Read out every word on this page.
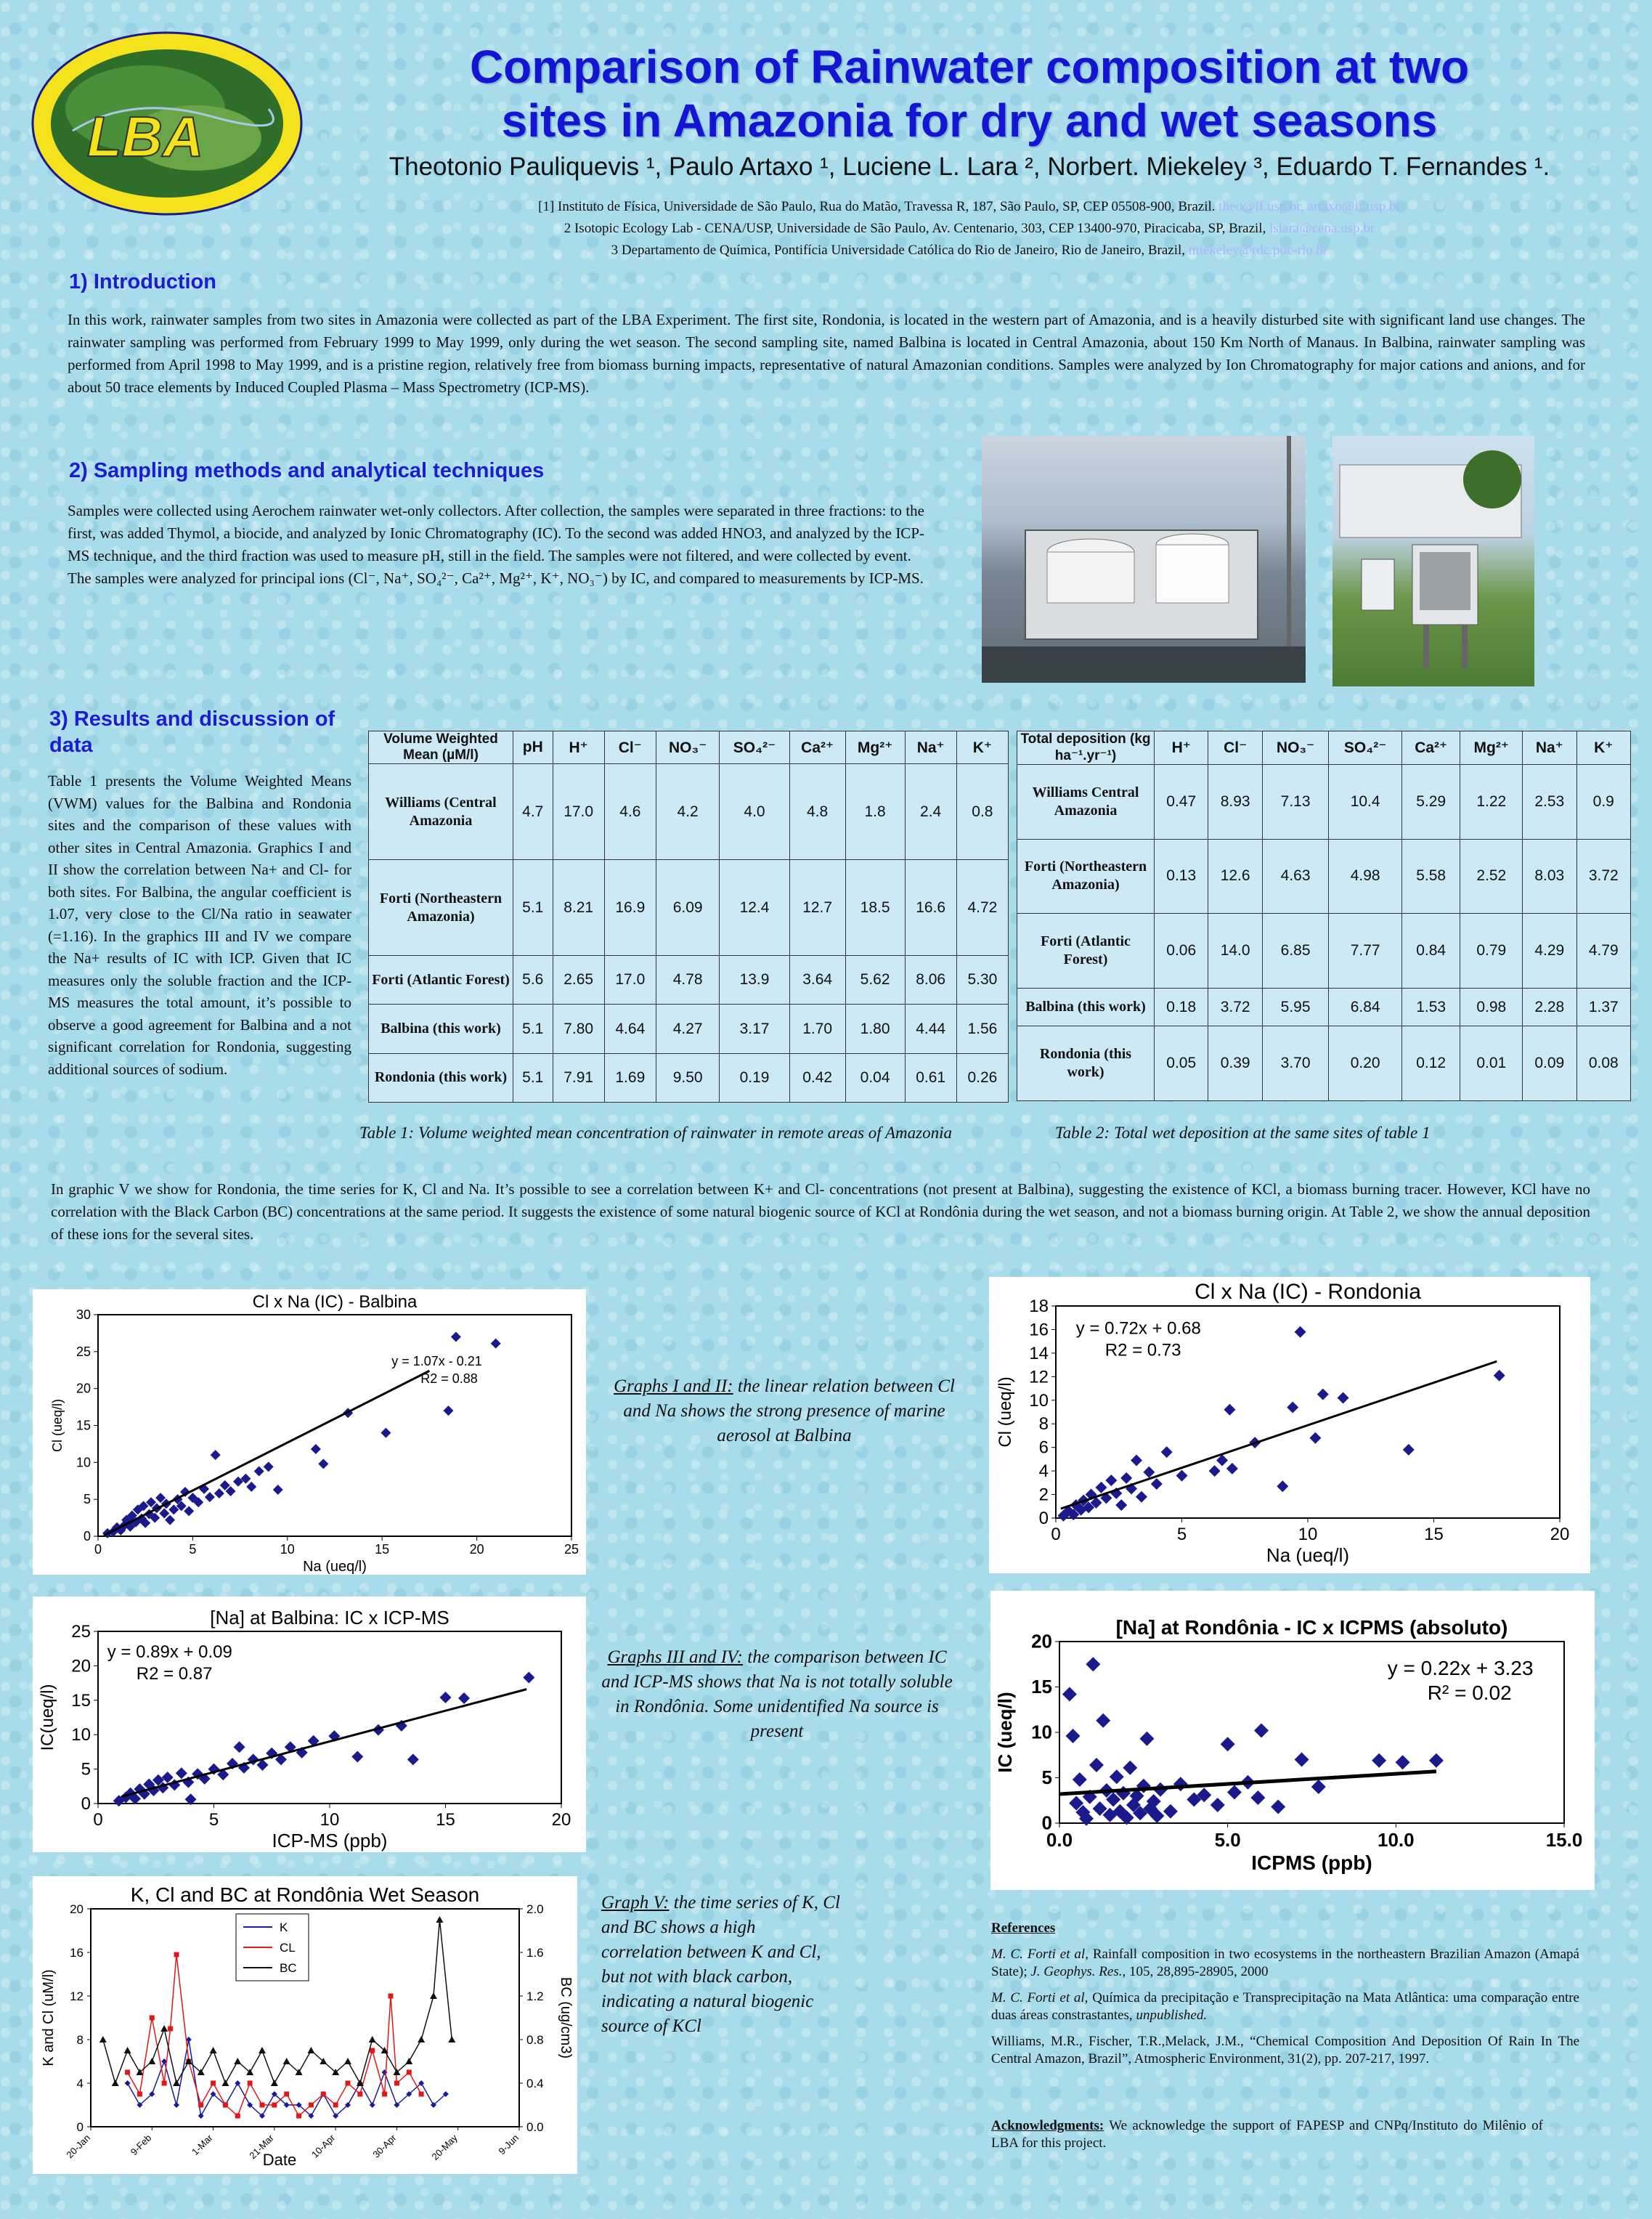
LBA
Comparison of Rainwater composition at two
sites in Amazonia for dry and wet seasons
Theotonio Pauliquevis ¹, Paulo Artaxo ¹, Luciene L. Lara ², Norbert. Miekeley ³, Eduardo T. Fernandes ¹.
[1] Instituto de Física, Universidade de São Paulo, Rua do Matão, Travessa R, 187, São Paulo, SP, CEP 05508-900, Brazil. theo@if.usp.br, artaxo@if.usp.br
2 Isotopic Ecology Lab - CENA/USP, Universidade de São Paulo, Av. Centenario, 303, CEP 13400-970, Piracicaba, SP, Brazil, lslara@cena.usp.br
3 Departamento de Química, Pontifícia Universidade Católica do Rio de Janeiro, Rio de Janeiro, Brazil, miekeley@rdc.puc-rio.br
1) Introduction
In this work, rainwater samples from two sites in Amazonia were collected as part of the LBA Experiment. The first site, Rondonia, is located in the western part of Amazonia, and is a heavily disturbed site with significant land use changes. The rainwater sampling was performed from February 1999 to May 1999, only during the wet season. The second sampling site, named Balbina is located in Central Amazonia, about 150 Km North of Manaus. In Balbina, rainwater sampling was performed from April 1998 to May 1999, and is a pristine region, relatively free from biomass burning impacts, representative of natural Amazonian conditions. Samples were analyzed by Ion Chromatography for major cations and anions, and for about 50 trace elements by Induced Coupled Plasma – Mass Spectrometry (ICP-MS).
2) Sampling methods and analytical techniques
Samples were collected using Aerochem rainwater wet-only collectors. After collection, the samples were separated in three fractions: to the first, was added Thymol, a biocide, and analyzed by Ionic Chromatography (IC). To the second was added HNO3, and analyzed by the ICP-MS technique, and the third fraction was used to measure pH, still in the field. The samples were not filtered, and were collected by event.
The samples were analyzed for principal ions (Cl⁻, Na⁺, SO₄²⁻, Ca²⁺, Mg²⁺, K⁺, NO₃⁻) by IC, and compared to measurements by ICP-MS.
3) Results and discussion of data
Table 1 presents the Volume Weighted Means (VWM) values for the Balbina and Rondonia sites and the comparison of these values with other sites in Central Amazonia. Graphics I and II show the correlation between Na+ and Cl- for both sites. For Balbina, the angular coefficient is 1.07, very close to the Cl/Na ratio in seawater (=1.16). In the graphics III and IV we compare the Na+ results of IC with ICP. Given that IC measures only the soluble fraction and the ICP-MS measures the total amount, it’s possible to observe a good agreement for Balbina and a not significant correlation for Rondonia, suggesting additional sources of sodium.
Volume Weighted Mean (µM/l)	pH	H⁺	Cl⁻	NO₃⁻	SO₄²⁻	Ca²⁺	Mg²⁺	Na⁺	K⁺
Williams (Central Amazonia	4.7	17.0	4.6	4.2	4.0	4.8	1.8	2.4	0.8
Forti (Northeastern Amazonia)	5.1	8.21	16.9	6.09	12.4	12.7	18.5	16.6	4.72
Forti (Atlantic Forest)	5.6	2.65	17.0	4.78	13.9	3.64	5.62	8.06	5.30
Balbina (this work)	5.1	7.80	4.64	4.27	3.17	1.70	1.80	4.44	1.56
Rondonia (this work)	5.1	7.91	1.69	9.50	0.19	0.42	0.04	0.61	0.26
Table 1: Volume weighted mean concentration of rainwater in remote areas of Amazonia
Total deposition (kg ha⁻¹.yr⁻¹)	H⁺	Cl⁻	NO₃⁻	SO₄²⁻	Ca²⁺	Mg²⁺	Na⁺	K⁺
Williams Central Amazonia	0.47	8.93	7.13	10.4	5.29	1.22	2.53	0.9
Forti (Northeastern Amazonia)	0.13	12.6	4.63	4.98	5.58	2.52	8.03	3.72
Forti (Atlantic Forest)	0.06	14.0	6.85	7.77	0.84	0.79	4.29	4.79
Balbina (this work)	0.18	3.72	5.95	6.84	1.53	0.98	2.28	1.37
Rondonia (this work)	0.05	0.39	3.70	0.20	0.12	0.01	0.09	0.08
Table 2: Total wet deposition at the same sites of table 1
In graphic V we show for Rondonia, the time series for K, Cl and Na. It’s possible to see a correlation between K+ and Cl- concentrations (not present at Balbina), suggesting the existence of KCl, a biomass burning tracer. However, KCl have no correlation with the Black Carbon (BC) concentrations at the same period. It suggests the existence of some natural biogenic source of KCl at Rondônia during the wet season, and not a biomass burning origin. At Table 2, we show the annual deposition of these ions for the several sites.
Cl x Na (IC) - Balbina
0	5	10	15	20	25
0
5
10
15
20
25
30
Na (ueq/l)
Cl (ueq/l)
y = 1.07x - 0.21
R2 = 0.88
Cl x Na (IC) - Rondonia
0	5	10	15	20
0
2
4
6
8
10
12
14
16
18
Na (ueq/l)
Cl (ueq/l)
y = 0.72x + 0.68
R2 = 0.73
[Na] at Balbina: IC x ICP-MS
0	5	10	15	20
0
5
10
15
20
25
ICP-MS (ppb)
IC(ueq/l)
y = 0.89x + 0.09
R2 = 0.87
[Na] at Rondônia - IC x ICPMS (absoluto)
0.0	5.0	10.0	15.0
0
5
10
15
20
ICPMS (ppb)
IC (ueq/l)
y = 0.22x + 3.23
R² = 0.02
K, Cl and BC at Rondônia Wet Season
0
4
8
12
16
20
0.0
0.4
0.8
1.2
1.6
2.0
20-Jan	9-Feb	1-Mar	21-Mar	10-Apr	30-Apr	20-May	9-Jun
Date
K and Cl (uM/l)	BC (ug/cm3)
K
CL
BC
Graphs I and II: the linear relation between Cl and Na shows the strong presence of marine aerosol at Balbina
Graphs III and IV: the comparison between IC and ICP-MS shows that Na is not totally soluble in Rondônia. Some unidentified Na source is present
Graph V: the time series of K, Cl and BC shows a high correlation between K and Cl, but not with black carbon, indicating a natural biogenic source of KCl
References
M. C. Forti et al, Rainfall composition in two ecosystems in the northeastern Brazilian Amazon (Amapá State); J. Geophys. Res., 105, 28,895-28905, 2000
M. C. Forti et al, Química da precipitação e Transprecipitação na Mata Atlântica: uma comparação entre duas áreas constrastantes, unpublished.
Williams, M.R., Fischer, T.R.,Melack, J.M., “Chemical Composition And Deposition Of Rain In The Central Amazon, Brazil”, Atmospheric Environment, 31(2), pp. 207-217, 1997.
Acknowledgments: We acknowledge the support of FAPESP and CNPq/Instituto do Milênio of LBA for this project.
